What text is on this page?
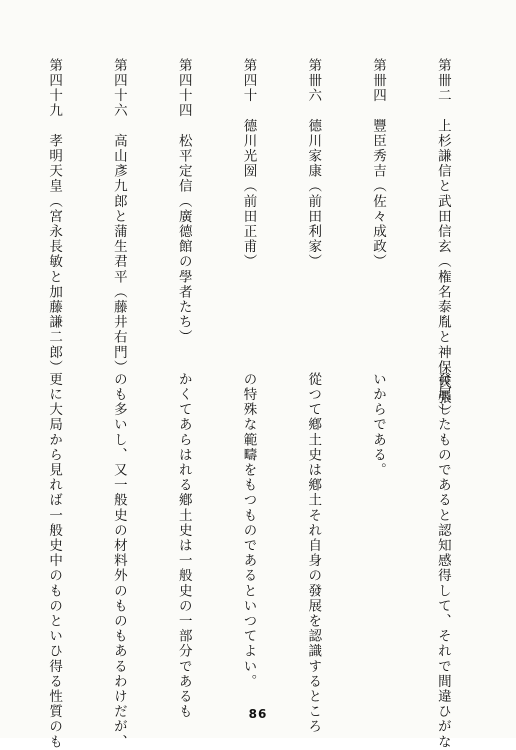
第卌二　上杉謙信と武田信玄（権名泰胤と神保氏張）

第卌四　豐臣秀吉（佐々成政）

第卌六　德川家康（前田利家）

第四十　德川光圀（前田正甫）

第四十四　松平定信（廣德館の學者たち）

第四十六　高山彥九郎と蒲生君平（藤井右門）

第四十九　孝明天皇（宮永長敏と加藤謙二郎）

發展したものであると認知感得して、それで間違ひがな

いからである。

從つて鄕土史は鄕土それ自身の發展を認識するところ

の特殊な範疇をもつものであるといつてよい。

かくてあらはれる鄕土史は一般史の一部分であるも

のも多いし、又一般史の材料外のものもあるわけだが、

更に大局から見れば一般史中のものといひ得る性質のも

	86
